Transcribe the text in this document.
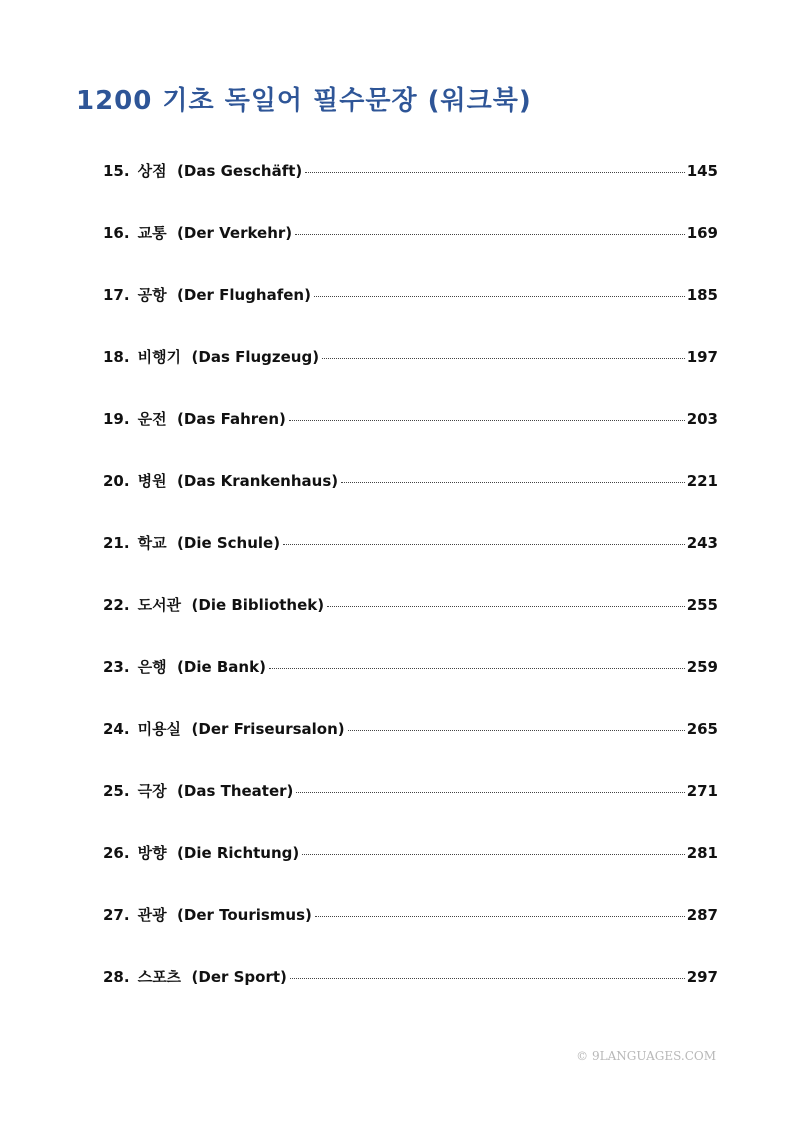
1200 기초 독일어 필수문장 (워크북)
15. 상점 (Das Geschäft)	145
16. 교통 (Der Verkehr)	169
17. 공항 (Der Flughafen)	185
18. 비행기 (Das Flugzeug)	197
19. 운전 (Das Fahren)	203
20. 병원 (Das Krankenhaus)	221
21. 학교 (Die Schule)	243
22. 도서관 (Die Bibliothek)	255
23. 은행 (Die Bank)	259
24. 미용실 (Der Friseursalon)	265
25. 극장 (Das Theater)	271
26. 방향 (Die Richtung)	281
27. 관광 (Der Tourismus)	287
28. 스포츠 (Der Sport)	297
© 9LANGUAGES.COM
